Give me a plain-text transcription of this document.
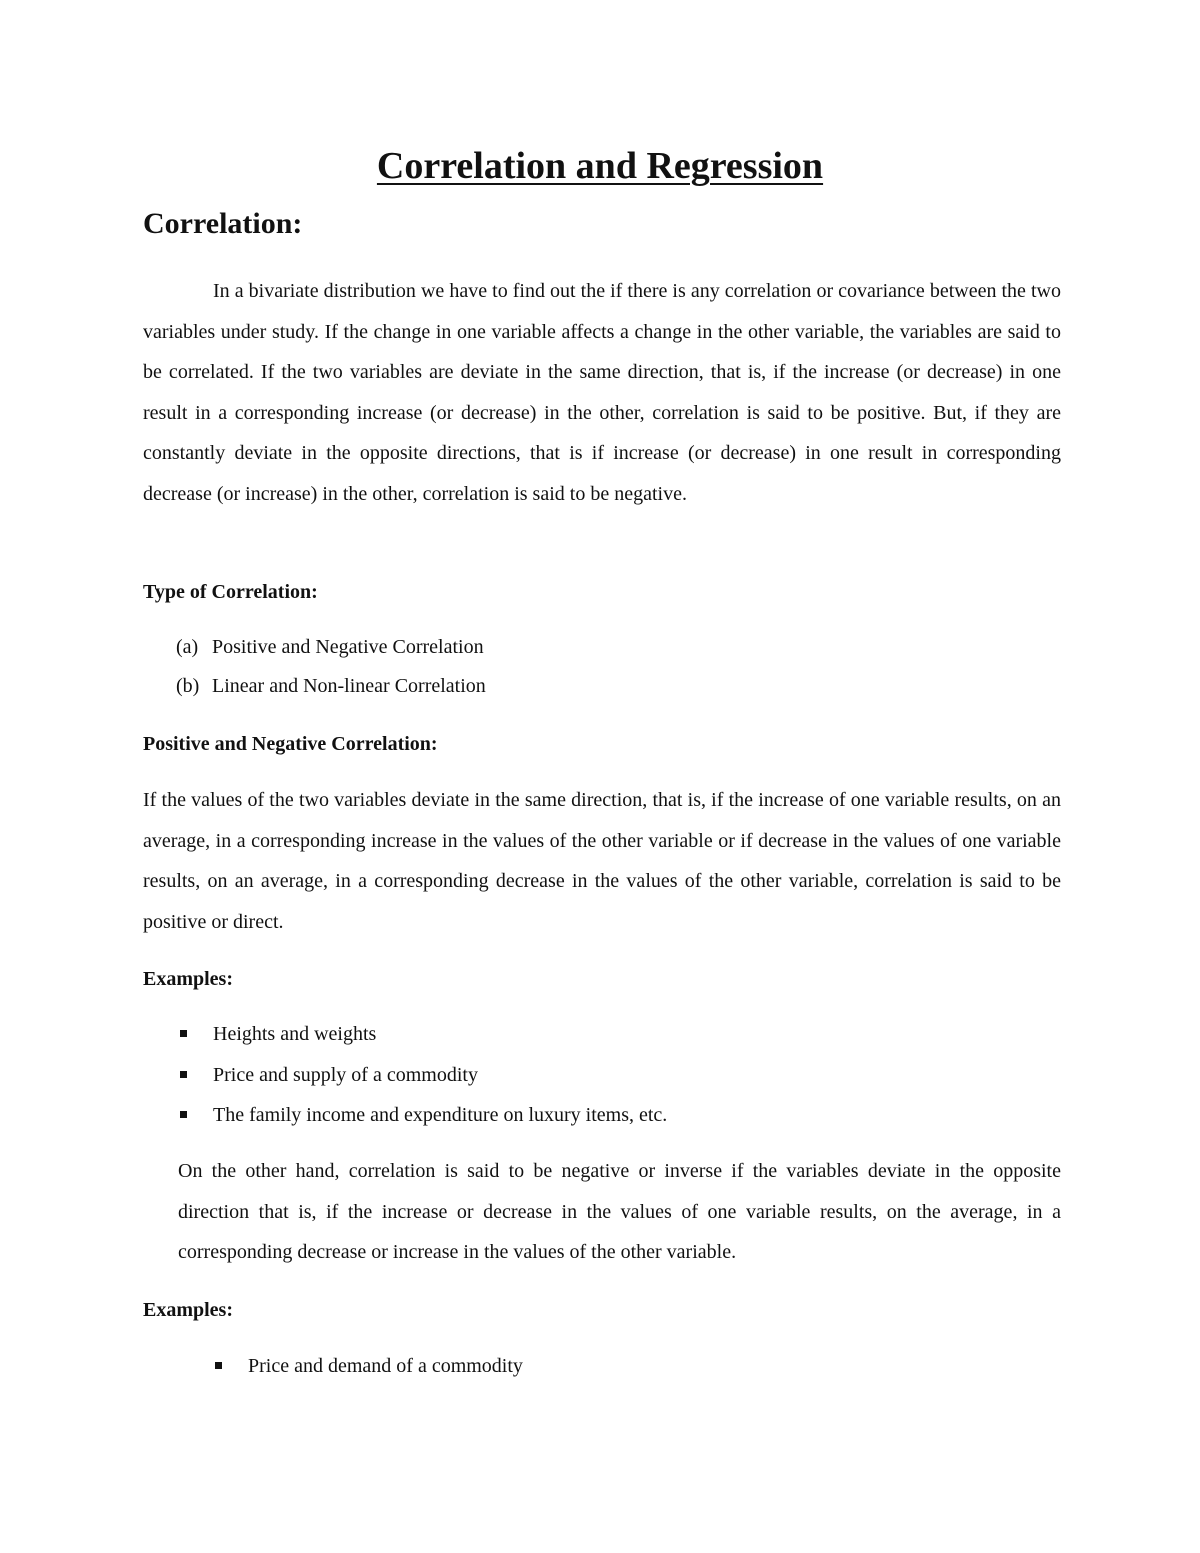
Correlation and Regression
Correlation:

In a bivariate distribution we have to find out the if there is any correlation or covariance between the two variables under study. If the change in one variable affects a change in the other variable, the variables are said to be correlated. If the two variables are deviate in the same direction, that is, if the increase (or decrease) in one result in a corresponding increase (or decrease) in the other, correlation is said to be positive. But, if they are constantly deviate in the opposite directions, that is if increase (or decrease) in one result in corresponding decrease (or increase) in the other, correlation is said to be negative.

Type of Correlation:
(a) Positive and Negative Correlation
(b) Linear and Non-linear Correlation
Positive and Negative Correlation:

If the values of the two variables deviate in the same direction, that is, if the increase of one variable results, on an average, in a corresponding increase in the values of the other variable or if decrease in the values of one variable results, on an average, in a corresponding decrease in the values of the other variable, correlation is said to be positive or direct.

Examples:
Heights and weights
Price and supply of a commodity
The family income and expenditure on luxury items, etc.

On the other hand, correlation is said to be negative or inverse if the variables deviate in the opposite direction that is, if the increase or decrease in the values of one variable results, on the average, in a corresponding decrease or increase in the values of the other variable.

Examples:
Price and demand of a commodity
